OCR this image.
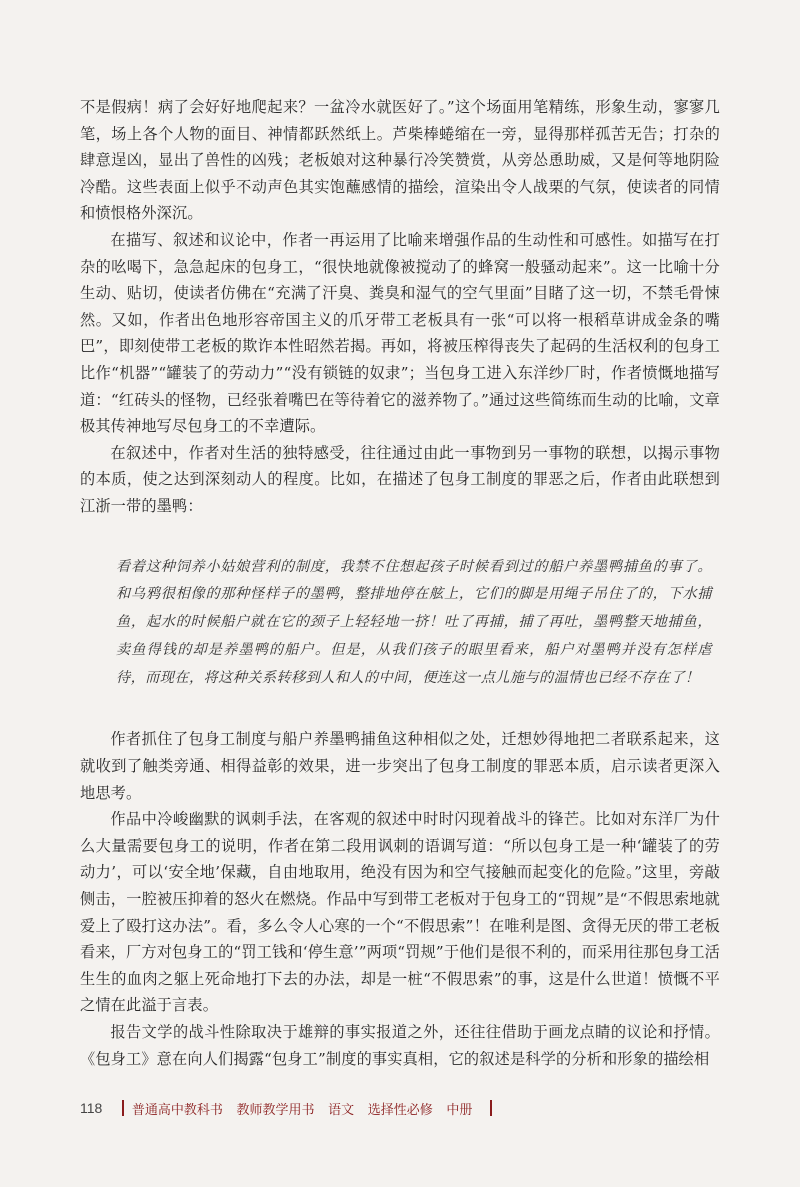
不是假病！病了会好好地爬起来？一盆冷水就医好了。”这个场面用笔精练，形象生动，寥寥几笔，场上各个人物的面目、神情都跃然纸上。芦柴棒蜷缩在一旁，显得那样孤苦无告；打杂的肆意逞凶，显出了兽性的凶残；老板娘对这种暴行冷笑赞赏，从旁怂恿助威，又是何等地阴险冷酷。这些表面上似乎不动声色其实饱蘸感情的描绘，渲染出令人战栗的气氛，使读者的同情和愤恨格外深沉。

在描写、叙述和议论中，作者一再运用了比喻来增强作品的生动性和可感性。如描写在打杂的吆喝下，急急起床的包身工，“很快地就像被搅动了的蜂窝一般骚动起来”。这一比喻十分生动、贴切，使读者仿佛在“充满了汗臭、粪臭和湿气的空气里面”目睹了这一切，不禁毛骨悚然。又如，作者出色地形容帝国主义的爪牙带工老板具有一张“可以将一根稻草讲成金条的嘴巴”，即刻使带工老板的欺诈本性昭然若揭。再如，将被压榨得丧失了起码的生活权利的包身工比作“机器”“罐装了的劳动力”“没有锁链的奴隶”；当包身工进入东洋纱厂时，作者愤慨地描写道：“红砖头的怪物，已经张着嘴巴在等待着它的滋养物了。”通过这些简练而生动的比喻，文章极其传神地写尽包身工的不幸遭际。

在叙述中，作者对生活的独特感受，往往通过由此一事物到另一事物的联想，以揭示事物的本质，使之达到深刻动人的程度。比如，在描述了包身工制度的罪恶之后，作者由此联想到江浙一带的墨鸭：

看着这种饲养小姑娘营利的制度，我禁不住想起孩子时候看到过的船户养墨鸭捕鱼的事了。和乌鸦很相像的那种怪样子的墨鸭，整排地停在舷上，它们的脚是用绳子吊住了的，下水捕鱼，起水的时候船户就在它的颈子上轻轻地一挤！吐了再捕，捕了再吐，墨鸭整天地捕鱼，卖鱼得钱的却是养墨鸭的船户。但是，从我们孩子的眼里看来，船户对墨鸭并没有怎样虐待，而现在，将这种关系转移到人和人的中间，便连这一点儿施与的温情也已经不存在了！

作者抓住了包身工制度与船户养墨鸭捕鱼这种相似之处，迁想妙得地把二者联系起来，这就收到了触类旁通、相得益彰的效果，进一步突出了包身工制度的罪恶本质，启示读者更深入地思考。

作品中冷峻幽默的讽刺手法，在客观的叙述中时时闪现着战斗的锋芒。比如对东洋厂为什么大量需要包身工的说明，作者在第二段用讽刺的语调写道：“所以包身工是一种‘罐装了的劳动力’，可以‘安全地’保藏，自由地取用，绝没有因为和空气接触而起变化的危险。”这里，旁敲侧击，一腔被压抑着的怒火在燃烧。作品中写到带工老板对于包身工的“罚规”是“不假思索地就爱上了殴打这办法”。看，多么令人心寒的一个“不假思索”！在唯利是图、贪得无厌的带工老板看来，厂方对包身工的“罚工钱和‘停生意’”两项“罚规”于他们是很不利的，而采用往那包身工活生生的血肉之躯上死命地打下去的办法，却是一桩“不假思索”的事，这是什么世道！愤慨不平之情在此溢于言表。

报告文学的战斗性除取决于雄辩的事实报道之外，还往往借助于画龙点睛的议论和抒情。《包身工》意在向人们揭露“包身工”制度的事实真相，它的叙述是科学的分析和形象的描绘相

118 普通高中教科书 教师教学用书 语文 选择性必修 中册
